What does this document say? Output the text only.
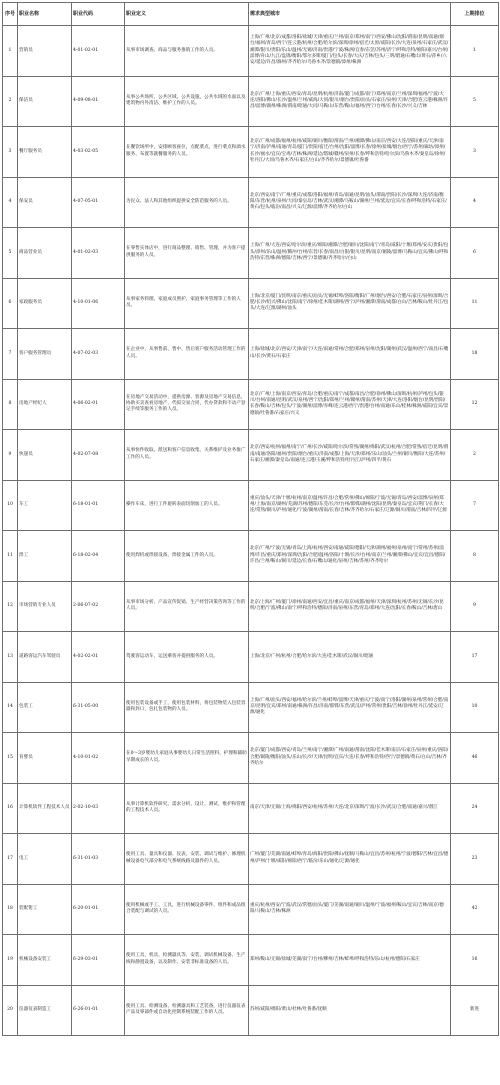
序号	职业名称	职业代码	职业定义	需求典型城市	上期排位
1	营销员	4-01-02-01	从事市场调查、商品与服务推销工作的人员。	上海/广州/北京/成都/洛阳/盐城/天津/重庆/兰州/南京/郑州/南宁/西安/佛山/沈阳/渭南/昆明/南通/烟台/福州/青岛/西宁/连云港/杭州/合肥/哈尔滨/深圳/徐州/宿迁/太原/咸阳/长沙/大连/泉州/石家庄/武汉/湘潭/银川/贵阳/乐山/温州/无锡/济南/贵港/宁波/株洲/宜春/东莞/苏州/济宁/呼和浩特/绵阳/嘉兴/台州/淄博/舟山/九江/盘锦/衡阳/鄂尔多斯/厦门/包头/长春/大庆/吉林/包头/三明/昭通/石嘴山/黄石/萍乡/六安/延边/许昌/滁州/齐齐哈尔/乌鲁木齐/景德镇/漳州/株洲	1
2	保洁员	4-09-08-01	从事公共场所、公共区域、公共设施、公共水域的水面以及建筑物内外清洁、维护工作的人员。	北京/广州/上海/重庆/西安/青岛/昆明/杭州/济南/厦门/成都/南宁/郑州/南京/兰州/深圳/福州/宁波/大连/洛阳/佛山/长沙/温州/兰州/威海/大同/银川/烟台/贵阳/汕头/石家庄/泉州/天津/合肥/连云港/株洲/许昌/淄博/湖州/株洲/渭南/昭通/大同/马鞍山/东营/鞍山/福州/西宁/台州/长春/长沙/兴义/吉林	5
3	餐厅服务员	4-03-02-05	在餐饮场所中，安排顾客座位，点配菜点，进行菜点和酒水服务、布置等就餐服务的人员。	北京/广州/成都/福州/杭州/咸阳/铜川/衡阳/渭南/兰州/湘潭/佛山/南京/西安/大连/洛阳/重庆/天津/南宁/济南/泸州/南通/青岛/厦门/贵阳/宿迁/台州/沈阳/淄博/长春/徐州/盐城/烟台/西宁/苏州/廊坊/漳州/长沙/丽水/宜宾/宝鸡/吉林/株洲/延边/塔城/赣州/泉州/长春/呼和浩特/哈尔滨/乌鲁木齐/秦皇岛/徐州/牡丹江/大同/乌鲁木齐/石家庄/白山/齐齐哈尔/景德镇/吐鲁番	3
4	保安员	4-07-05-01	为民众、法人和其他组织提供安全防范服务的人员。	北京/西安/南宁/广州/重庆/成都/洛阳/福州/青岛/南通/昆明/汕头/渭南/贵阳/长沙/深圳/大连/济南/衡阳/东营/杭州/泉州/大同/秦皇岛/吉林/武汉/湘潭/马鞍山/湖州/兰州/延边/宜宾/长春/呼和浩特/石家庄/黄石/包头/临汾/南昌/兴义/辽源/淄博/齐齐哈尔/白山	4
5	商品营业员	4-01-02-03	在零售实体店中，进行商品整理、销售、管理，并为客户提供服务的人员。	上海/广州/大连/西安/哈尔滨/重庆/绵阳/湘潭/合肥/铜川/沈阳/南宁/青岛/咸阳/十堰/郑州/安庆/贵阳/包头/漳州/乐山/温州/腾冲/台州/东营/长春/南昌/白银/银川/昆明/南京/铜陵/淄博/马鞍山/宜宾/佛山/呼和浩特/东营/株洲/德阳/吉林/西宁/景德镇/齐齐哈尔/白山	6
6	家政服务员	4-10-01-06	从事家务料理、家庭成员照护、家庭事务管理等工作的人员。	上海/北京/厦门/昆明/南京/重庆/汕头/无锡/蚌埠/洛阳/衡阳/广州/烟台/西安/合肥/石家庄/泉州/深圳/合肥/长沙/绍兴/佛山/沈阳/南宁/徐州/佳木斯/湖州/西宁/泸州/湘潭/渭南/成都/白山/吉林/鞍山/牡丹江/包头/大连/辽源/湖州/汕头	11
7	客户服务管理员	4-07-02-03	在企业中，从事售前、售中、售后客户服务活动管理工作的人员。	上海/盐城/北京/西安/天津/南宁/大连/南通/常州/合肥/郑州/泉州/沈阳/湖州/武汉/温州/西宁/南昌/石嘴山/长沙/黄石/石家庄	18
8	房地产经纪人	4-06-02-01	在房地产交易活动中，提供房源、客源及房地产交易信息，协助买卖查看房地产，代拟交易合同，代办贷款和不动产登记手续等服务工作的人员。	北京/广州/上海/南京/西安/青岛/合肥/重庆/南宁/成都/南昌/合肥/徐州/佛山/深圳/杭州/泸州/包头/银川/台州/南通/昆明/武汉/泉州/西宁/沈阳/郑州/兰州/赣州/渭南/苏州/天津/大连/洛阳/烟台/昆明/贵阳/长春/鞍山/吉林/包头/宁波/湖州/淄博/赤峰/连云港/西宁/贵港/台州/南通/乐山/桂林/株洲/咸阳/宜宾/景德镇/吐鲁番/石家庄/兴义	12
9	快递员	4-02-07-08	从事快件收取、派送和客户信息收集、关系维护及业务推广工作的人员。	北京/西安/杭州/福州/南宁/广州/长沙/咸阳/哈尔滨/常熟/湖州/绵阳/武汉/杭州/合肥/常熟/宿迁/昆明/渭南/南通/洛阳/福州/贵阳/烟台/重庆/济南/成都/上海/天津/郑州/乐山/汕头/兰州/铜川/衡阳/大连/苏州/石家庄/湘潭/秦皇岛/南通/连云港/玉溪/呼和浩特/牡丹江/泸州/四平/黄石	2
10	车工	6-18-01-01	操作车床，进行工件旋转表面切削加工的人员。	重庆/汕头/天津/十堰/杭州/南京/温州/许昌/合肥/常州/佛山/绵阳/宁波/无锡/青岛/西安/淄博/泉州/郑州/上海/南京/湖州/芜湖/苏州/德阳/东莞/长沙/台州/邯郸/湖州/沈阳/昆明/秦皇岛/宜宾/荆门/长春/大连/常熟/铜川/泸州/通化/宁波/湖州/渭南/长春/吉林/齐齐哈尔/石家庄/辽源/铜川/渭南/吉林/四平/辽源	7
11	焊工	6-18-02-04	使用焊机或焊接设备，焊接金属工件的人员。	北京/广州/宁波/无锡/青岛/上海/杭州/西安/南通/咸阳/德阳/天津/湖州/福州/泉州/南宁/常州/苏州/淄博/许昌/重庆/郑州/深圳/沈阳/合肥/温州/洛阳/十堰/长沙/台州/南京/兰州/湘潭/佛山/宜宾/宜昌/德阳/许昌/兰州/鞍山/铜川/延边/长春/石嘴山/通化/泉州/吉林/苏州/齐齐哈尔	8
12	市场营销专业人员	2-06-07-02	从事市场分析、产品宣传促销、生产经营决策咨询等工作的人员。	北京/上海/广州/厦门/徐州/南通/西安/宜昌/重庆/南京/成都/福州/天津/深圳/杭州/苏州/无锡/长沙/昆明/合肥/宁波/佛山/南宁/呼和浩特/德阳/济南/泉州/东营/青岛/郑州/大连/沈阳/长春/鞍山/吉林/唐山	9
13	道路客运汽车驾驶员	4-02-02-01	驾驶客运动车，运送乘客并提供服务的人员。	上海/北京/广州/杭州/合肥/哈尔滨/大连/佳木斯/武汉/铜川/昭通	17
14	包装工	6-31-05-00	使用包装设备或手工，使用包装材料，将包装物装入包装容器和封口，包扎包装物的人员。	上海/广州/汕头/西安/福州/哈尔滨/兰州/蚌埠/淄博/天津/重庆/宁波/南宁/洛阳/湖州/泉州/常州/合肥/南京/昆明/宜宾/郑州/南通/株洲/许昌/济南/邯郸/东营/武汉/泸州/常州/贵阳/吉林/徐州/牡丹江/延安/辽源/通化	10
15	育婴员	4-10-01-02	在0～3岁婴幼儿家庭从事婴幼儿日常生活照料、护理和辅助早期成长的人员。	北京/厦门/成都/西安/青岛/兰州/南宁/湘潭/广州/南通/渭南/沈阳/佳木斯/南京/石家庄/泉州/重庆/洛阳/合肥/铜陵/衡阳/汕头/乐山/长沙/天津/昆明/宜宾/大连/长春/呼和浩特/西宁/景德镇/黄石/白山/吉林/齐齐哈尔	46
16	计算机软件工程技术人员	2-02-10-03	从事计算机软件研究、需求分析、设计、测试、维护和管理的工程技术人员。	南京/天津/无锡/上海/绵阳/西安/杭州/苏州/大连/北京/深圳/宁波/长沙/武汉/合肥/南通/嘉兴/潜江	24
17	电工	6-31-01-03	使用工具、量具和仪器、仪表，安装、调试与维护、修理机械设备电气部分和电气系统线路及器件的人员。	广州/厦门/芜湖/南通/蚌埠/青岛/海阳/贵阳/佛山/抚顺/马鞍山/宜昌/苏州/杭州/宁波/德阳/吉林/宜昌/德州/泸州/十堰/咸阳/绵阳/西宁/临汾/乐山/通化/辽源/通化	23
18	装配钳工	6-20-01-01	使用机械或手工、工具，进行机械设备零件、组件和成品组合装配与调试的人员。	重庆/杭州/西安/宁波/武汉/常德/汕头/厦门/芜湖/南通/铜川/温州/宁波/福州/鞍山/宜宾/吉林/南京/德阳/马鞍山/吉林/株洲	42
19	机械设备安装工	6-29-03-01	使用工具、机具、检测器具等，安装、调试机械设备、生产线和静置设备，以及制作、安装非标准设备的人员。	郑州/鞍山/无锡/盐城/芜湖/南宁/台州/柳州/吉林/蚌埠/呼和浩特/乐山/杭州/德阳/石家庄	16
20	仪器仪表制造工	6-26-01-01	使用工具、检测设备、检测器具和工艺装备，进行仪器仪表产品及零部件或自动化控制系统装配工作的人员。	苏州/咸阳/绵阳/黄山/杜林/吐鲁番/抚顺	新进
